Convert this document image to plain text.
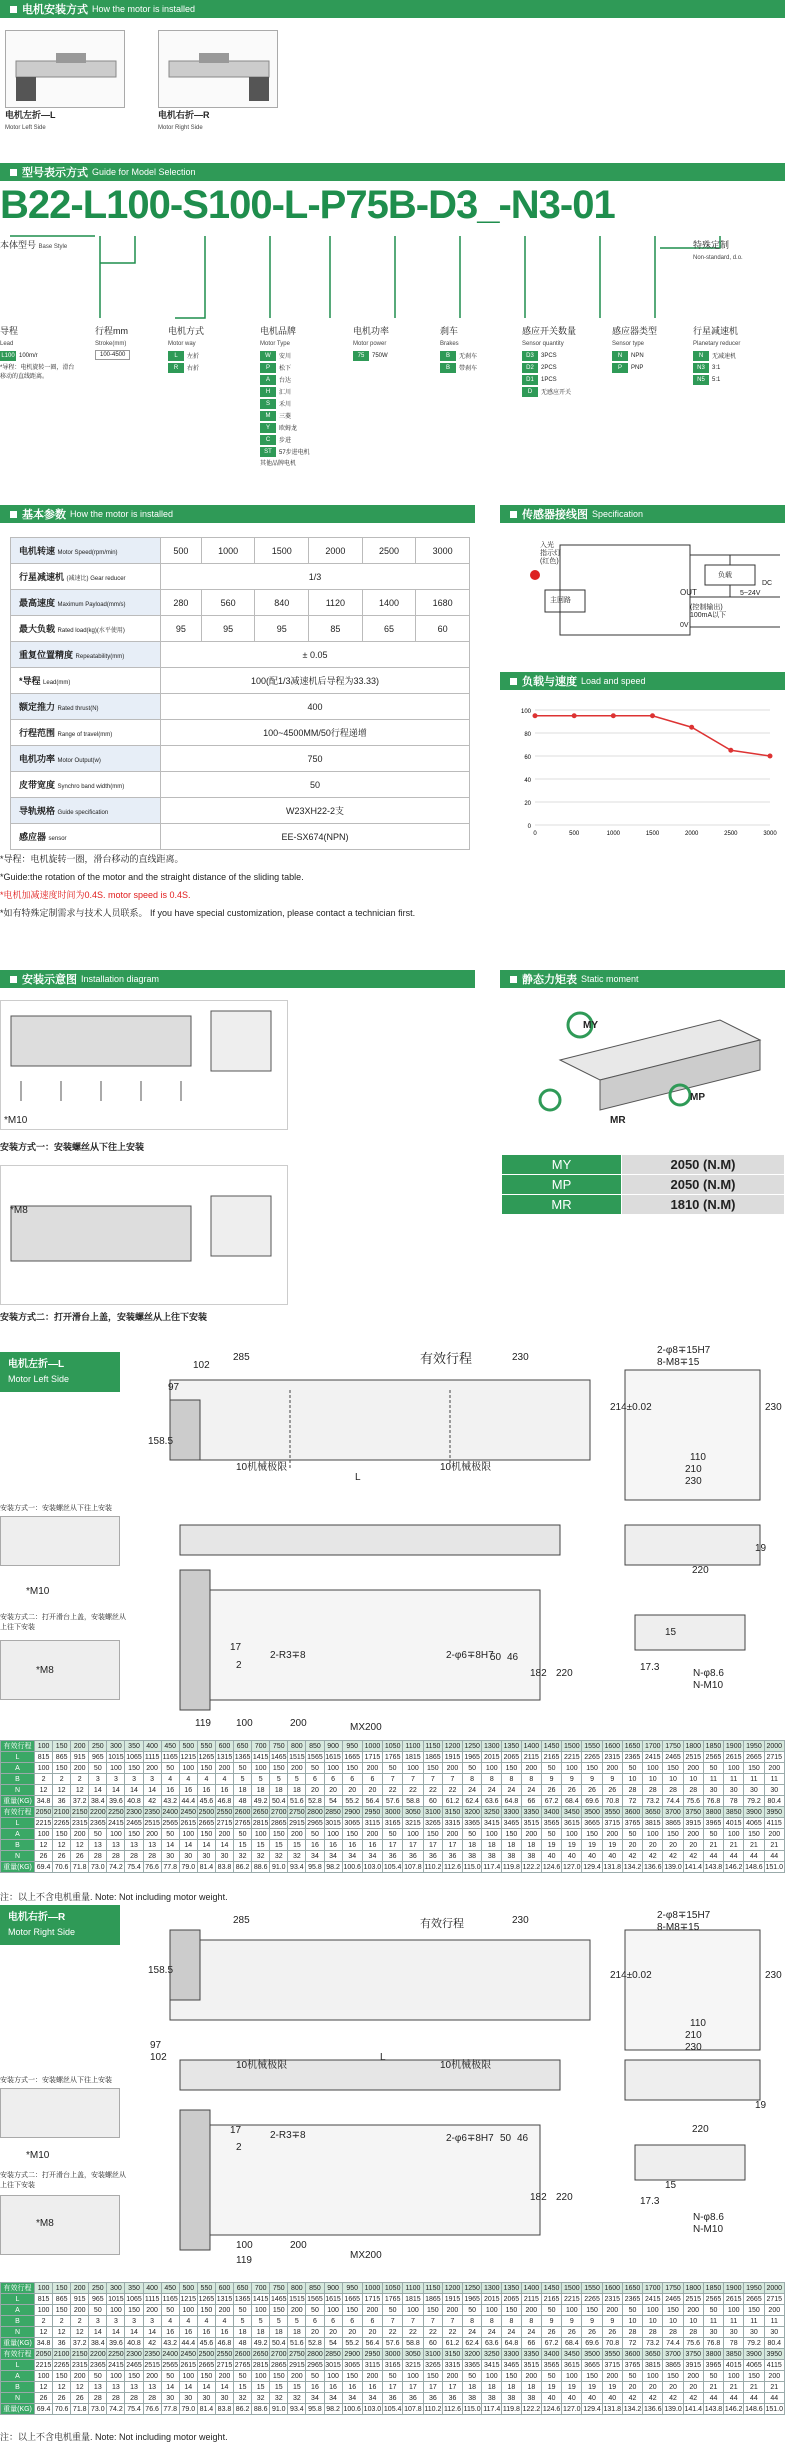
电机安装方式 How the motor is installed
电机左折—L
Motor Left Side
电机右折—R
Motor Right Side
型号表示方式 Guide for Model Selection
B22-L100-S100-L-P75B-D3_-N3-01
本体型号 Base Style	特殊定制
Non-standard, d.o.
导程
Lead
L100 100m/r
*导程：电机旋转一圈，滑台移动的直线距离。
行程mm
Stroke(mm)
100-4500
电机方式
Motor way
L	左折
R	右折
电机品牌
Motor Type
W	安川
P	松下
A	台达
H	汇川
S	禾川
M	三菱
Y	欧姆龙
C	步进
ST	57步进电机
其他品牌电机
电机功率
Motor power
75	750W
刹车
Brakes
B	无刹车
B	带刹车
感应开关数量
Sensor quantity
D3	3PCS
D2	2PCS
D1	1PCS
D	无感应开关
感应器类型
Sensor type
N	NPN
P	PNP
行星减速机
Planetary reducer
N	无减速机
N3	3:1
N5	5:1
基本参数 How the motor is installed	传感器接线图 Specification
电机转速 Motor Speed(rpm/min)	500	1000	1500	2000	2500	3000
行星减速机 (减速比) Gear reducer	1/3					
最高速度 Maximum Payload(mm/s)	280	560	840	1120	1400	1680
最大负载 Rated load(kg)(水平使用)	95	95	95	85	65	60
重复位置精度 Repeatability(mm)	± 0.05					
*导程 Lead(mm)	100(配1/3减速机后导程为33.33)					
额定推力 Rated thrust(N)	400					
行程范围 Range of travel(mm)	100~4500MM/50行程递增					
电机功率 Motor Output(w)	750					
皮带宽度 Synchro band width(mm)	50					
导轨规格 Guide specification	W23XH22-2支					
感应器 sensor	EE-SX674(NPN)					
入光
指示灯
(红色)
主回路
负载
OUT	5~24V
(控制输出)
100mA以下
DC
0V
负载与速度 Load and speed
0
20
40
60
80
100
0	500	1000	1500	2000	2500	3000
*导程：电机旋转一圈，滑台移动的直线距离。
*Guide:the rotation of the motor and the straight distance of the sliding table.
*电机加减速度时间为0.4S. motor speed is 0.4S.
*如有特殊定制需求与技术人员联系。 If you have special customization, please contact a technician first.
安装示意图 Installation diagram	静态力矩表 Static moment
*M10
安装方式一：安装螺丝从下往上安装
*M8
安装方式二：打开滑台上盖，安装螺丝从上往下安装
MY
MP
MR
MY	2050 (N.M)
MP	2050 (N.M)
MR	1810 (N.M)
电机左折—L
Motor Left Side
有效行程
285	230
97
102
158.5
10机械极限	10机械极限
L
2-φ8∓15H7
8-M8∓15
214±0.02	230
110
210
230
安装方式一：安装螺丝从下往上安装
*M10
安装方式二：打开滑台上盖，安装螺丝从上往下安装
*M8
19
220
17
2-R3∓8	2-φ6∓8H7
50 46
182 220
2
119	100	200	MX200
15
17.3
N-φ8.6
N-M10
有效行程	100	150	200	250	300	350	400	450	500	550	600	650	700	750	800	850	900	950	1000	1050	1100	1150	1200	1250	1300	1350	1400	1450	1500	1550	1600	1650	1700	1750	1800	1850	1900	1950	2000
L	815	865	915	965	1015	1065	1115	1165	1215	1265	1315	1365	1415	1465	1515	1565	1615	1665	1715	1765	1815	1865	1915	1965	2015	2065	2115	2165	2215	2265	2315	2365	2415	2465	2515	2565	2615	2665	2715
A	100	150	200	50	100	150	200	50	100	150	200	50	100	150	200	50	100	150	200	50	100	150	200	50	100	150	200	50	100	150	200	50	100	150	200	50	100	150	200
B	2	2	2	3	3	3	3	4	4	4	4	5	5	5	5	6	6	6	6	7	7	7	7	8	8	8	8	9	9	9	9	10	10	10	10	11	11	11	11
N	12	12	12	14	14	14	14	16	16	16	16	18	18	18	18	20	20	20	20	22	22	22	22	24	24	24	24	26	26	26	26	28	28	28	28	30	30	30	30
重量(KG)	34.8	36	37.2	38.4	39.6	40.8	42	43.2	44.4	45.6	46.8	48	49.2	50.4	51.6	52.8	54	55.2	56.4	57.6	58.8	60	61.2	62.4	63.6	64.8	66	67.2	68.4	69.6	70.8	72	73.2	74.4	75.6	76.8	78	79.2	80.4
有效行程	2050	2100	2150	2200	2250	2300	2350	2400	2450	2500	2550	2600	2650	2700	2750	2800	2850	2900	2950	3000	3050	3100	3150	3200	3250	3300	3350	3400	3450	3500	3550	3600	3650	3700	3750	3800	3850	3900	3950
L	2215	2265	2315	2365	2415	2465	2515	2565	2615	2665	2715	2765	2815	2865	2915	2965	3015	3065	3115	3165	3215	3265	3315	3365	3415	3465	3515	3565	3615	3665	3715	3765	3815	3865	3915	3965	4015	4065	4115
A	100	150	200	50	100	150	200	50	100	150	200	50	100	150	200	50	100	150	200	50	100	150	200	50	100	150	200	50	100	150	200	50	100	150	200	50	100	150	200
B	12	12	12	13	13	13	13	14	14	14	14	15	15	15	15	16	16	16	16	17	17	17	17	18	18	18	18	19	19	19	19	20	20	20	20	21	21	21	21
N	26	26	26	28	28	28	28	30	30	30	30	32	32	32	32	34	34	34	34	36	36	36	36	38	38	38	38	40	40	40	40	42	42	42	42	44	44	44	44
重量(KG)	69.4	70.6	71.8	73.0	74.2	75.4	76.6	77.8	79.0	81.4	83.8	86.2	88.6	91.0	93.4	95.8	98.2	100.6	103.0	105.4	107.8	110.2	112.6	115.0	117.4	119.8	122.2	124.6	127.0	129.4	131.8	134.2	136.6	139.0	141.4	143.8	146.2	148.6	151.0
注：以上不含电机重量. Note: Not including motor weight.
电机右折—R
Motor Right Side
285	有效行程	230
158.5
97
102
10机械极限
L
10机械极限
2-φ8∓15H7
8-M8∓15
214±0.02	230
110
210
230
安装方式一：安装螺丝从下往上安装
*M10
安装方式二：打开滑台上盖，安装螺丝从上往下安装
*M8
19
220
17	2-R3∓8	2-φ6∓8H7 50 46
182 220
2
100	200
MX200
119
15
17.3
N-φ8.6
N-M10
有效行程	100	150	200	250	300	350	400	450	500	550	600	650	700	750	800	850	900	950	1000	1050	1100	1150	1200	1250	1300	1350	1400	1450	1500	1550	1600	1650	1700	1750	1800	1850	1900	1950	2000
L	815	865	915	965	1015	1065	1115	1165	1215	1265	1315	1365	1415	1465	1515	1565	1615	1665	1715	1765	1815	1865	1915	1965	2015	2065	2115	2165	2215	2265	2315	2365	2415	2465	2515	2565	2615	2665	2715
A	100	150	200	50	100	150	200	50	100	150	200	50	100	150	200	50	100	150	200	50	100	150	200	50	100	150	200	50	100	150	200	50	100	150	200	50	100	150	200
B	2	2	2	3	3	3	3	4	4	4	4	5	5	5	5	6	6	6	6	7	7	7	7	8	8	8	8	9	9	9	9	10	10	10	10	11	11	11	11
N	12	12	12	14	14	14	14	16	16	16	16	18	18	18	18	20	20	20	20	22	22	22	22	24	24	24	24	26	26	26	26	28	28	28	28	30	30	30	30
重量(KG)	34.8	36	37.2	38.4	39.6	40.8	42	43.2	44.4	45.6	46.8	48	49.2	50.4	51.6	52.8	54	55.2	56.4	57.6	58.8	60	61.2	62.4	63.6	64.8	66	67.2	68.4	69.6	70.8	72	73.2	74.4	75.6	76.8	78	79.2	80.4
有效行程	2050	2100	2150	2200	2250	2300	2350	2400	2450	2500	2550	2600	2650	2700	2750	2800	2850	2900	2950	3000	3050	3100	3150	3200	3250	3300	3350	3400	3450	3500	3550	3600	3650	3700	3750	3800	3850	3900	3950
L	2215	2265	2315	2365	2415	2465	2515	2565	2615	2665	2715	2765	2815	2865	2915	2965	3015	3065	3115	3165	3215	3265	3315	3365	3415	3465	3515	3565	3615	3665	3715	3765	3815	3865	3915	3965	4015	4065	4115
A	100	150	200	50	100	150	200	50	100	150	200	50	100	150	200	50	100	150	200	50	100	150	200	50	100	150	200	50	100	150	200	50	100	150	200	50	100	150	200
B	12	12	12	13	13	13	13	14	14	14	14	15	15	15	15	16	16	16	16	17	17	17	17	18	18	18	18	19	19	19	19	20	20	20	20	21	21	21	21
N	26	26	26	28	28	28	28	30	30	30	30	32	32	32	32	34	34	34	34	36	36	36	36	38	38	38	38	40	40	40	40	42	42	42	42	44	44	44	44
重量(KG)	69.4	70.6	71.8	73.0	74.2	75.4	76.6	77.8	79.0	81.4	83.8	86.2	88.6	91.0	93.4	95.8	98.2	100.6	103.0	105.4	107.8	110.2	112.6	115.0	117.4	119.8	122.2	124.6	127.0	129.4	131.8	134.2	136.6	139.0	141.4	143.8	146.2	148.6	151.0
注：以上不含电机重量. Note: Not including motor weight.
